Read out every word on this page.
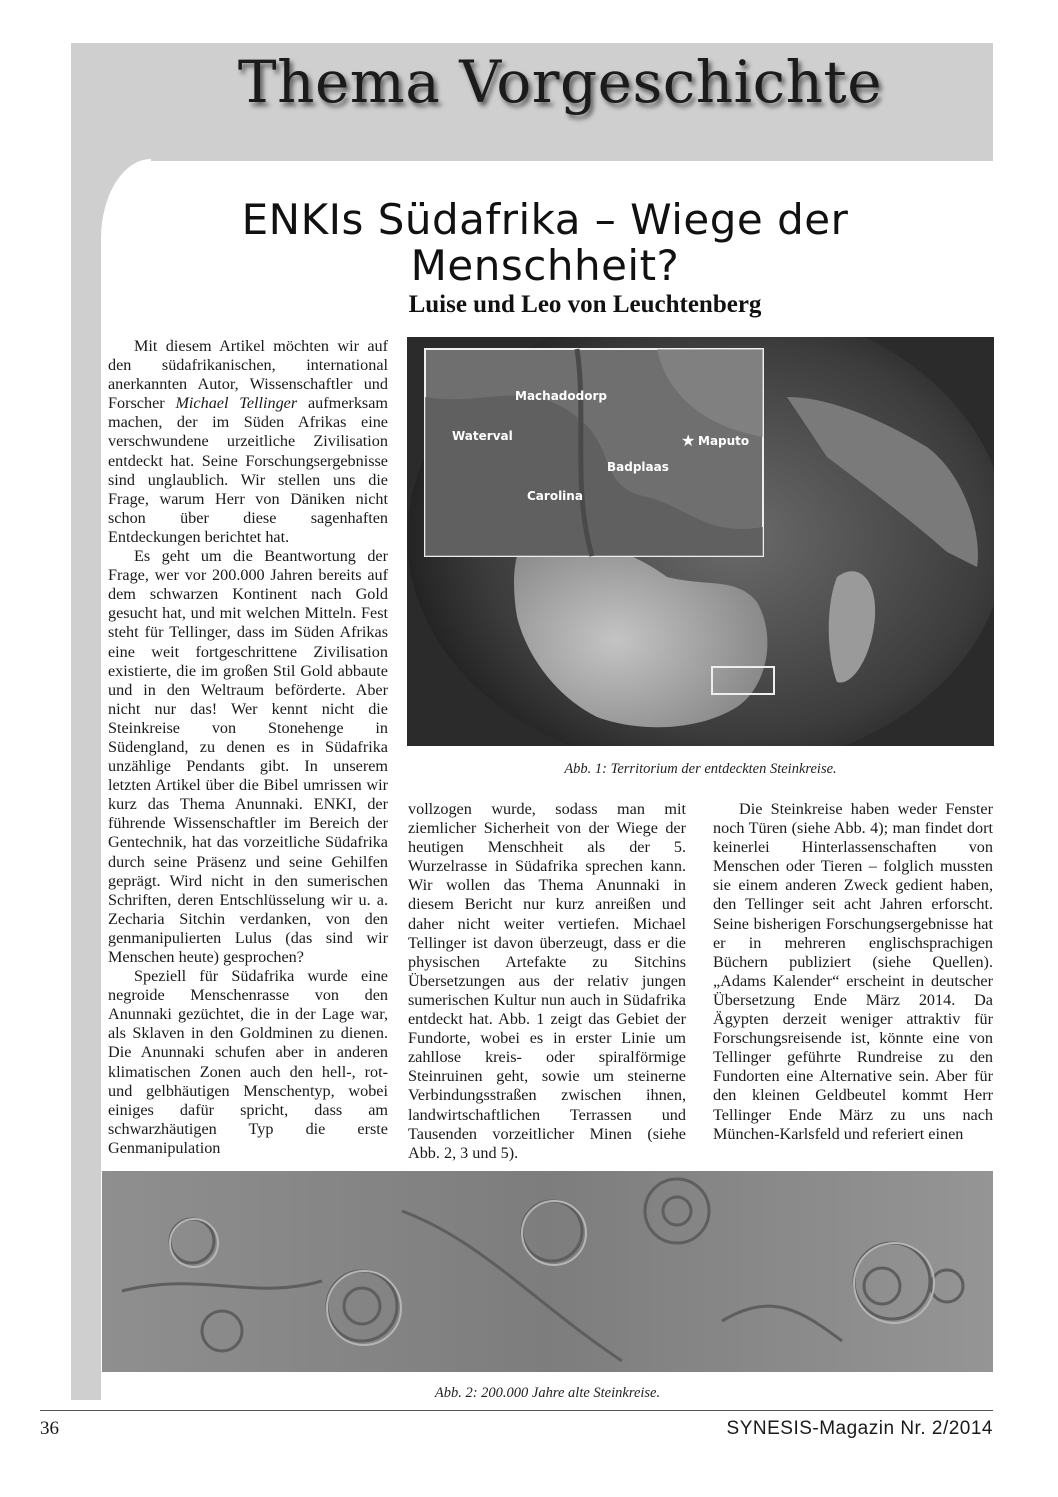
Thema Vorgeschichte
ENKIs Südafrika – Wiege der
Menschheit?
Luise und Leo von Leuchtenberg

Mit diesem Artikel möchten wir auf den südafrikanischen, international anerkannten Autor, Wissenschaftler und Forscher Michael Tellinger aufmerksam machen, der im Süden Afrikas eine verschwundene urzeitliche Zivilisation entdeckt hat. Seine Forschungsergebnisse sind unglaublich. Wir stellen uns die Frage, warum Herr von Däniken nicht schon über diese sagenhaften Entdeckungen berichtet hat.

Es geht um die Beantwortung der Frage, wer vor 200.000 Jahren bereits auf dem schwarzen Kontinent nach Gold gesucht hat, und mit welchen Mitteln. Fest steht für Tellinger, dass im Süden Afrikas eine weit fortgeschrittene Zivilisation existierte, die im großen Stil Gold abbaute und in den Weltraum beförderte. Aber nicht nur das! Wer kennt nicht die Steinkreise von Stonehenge in Südengland, zu denen es in Südafrika unzählige Pendants gibt. In unserem letzten Artikel über die Bibel umrissen wir kurz das Thema Anunnaki. ENKI, der führende Wissenschaftler im Bereich der Gentechnik, hat das vorzeitliche Südafrika durch seine Präsenz und seine Gehilfen geprägt. Wird nicht in den sumerischen Schriften, deren Entschlüsselung wir u. a. Zecharia Sitchin verdanken, von den genmanipulierten Lulus (das sind wir Menschen heute) gesprochen?

Speziell für Südafrika wurde eine negroide Menschenrasse von den Anunnaki gezüchtet, die in der Lage war, als Sklaven in den Goldminen zu dienen. Die Anunnaki schufen aber in anderen klimatischen Zonen auch den hell-, rot- und gelbhäutigen Menschentyp, wobei einiges dafür spricht, dass am schwarzhäutigen Typ die erste Genmanipulation

Machadodorp
Waterval	★ Maputo
Badplaas
Carolina
Abb. 1: Territorium der entdeckten Steinkreise.

vollzogen wurde, sodass man mit ziemlicher Sicherheit von der Wiege der heutigen Menschheit als der 5. Wurzelrasse in Südafrika sprechen kann. Wir wollen das Thema Anunnaki in diesem Bericht nur kurz anreißen und daher nicht weiter vertiefen. Michael Tellinger ist davon überzeugt, dass er die physischen Artefakte zu Sitchins Übersetzungen aus der relativ jungen sumerischen Kultur nun auch in Südafrika entdeckt hat. Abb. 1 zeigt das Gebiet der Fundorte, wobei es in erster Linie um zahllose kreis- oder spiralförmige Steinruinen geht, sowie um steinerne Verbindungsstraßen zwischen ihnen, landwirtschaftlichen Terrassen und Tausenden vorzeitlicher Minen (siehe Abb. 2, 3 und 5).

Die Steinkreise haben weder Fenster noch Türen (siehe Abb. 4); man findet dort keinerlei Hinterlassenschaften von Menschen oder Tieren – folglich mussten sie einem anderen Zweck gedient haben, den Tellinger seit acht Jahren erforscht. Seine bisherigen Forschungsergebnisse hat er in mehreren englischsprachigen Büchern publiziert (siehe Quellen). „Adams Kalender“ erscheint in deutscher Übersetzung Ende März 2014. Da Ägypten derzeit weniger attraktiv für Forschungsreisende ist, könnte eine von Tellinger geführte Rundreise zu den Fundorten eine Alternative sein. Aber für den kleinen Geldbeutel kommt Herr Tellinger Ende März zu uns nach München-Karlsfeld und referiert einen

Abb. 2: 200.000 Jahre alte Steinkreise.
36	SYNESIS-Magazin Nr. 2/2014
